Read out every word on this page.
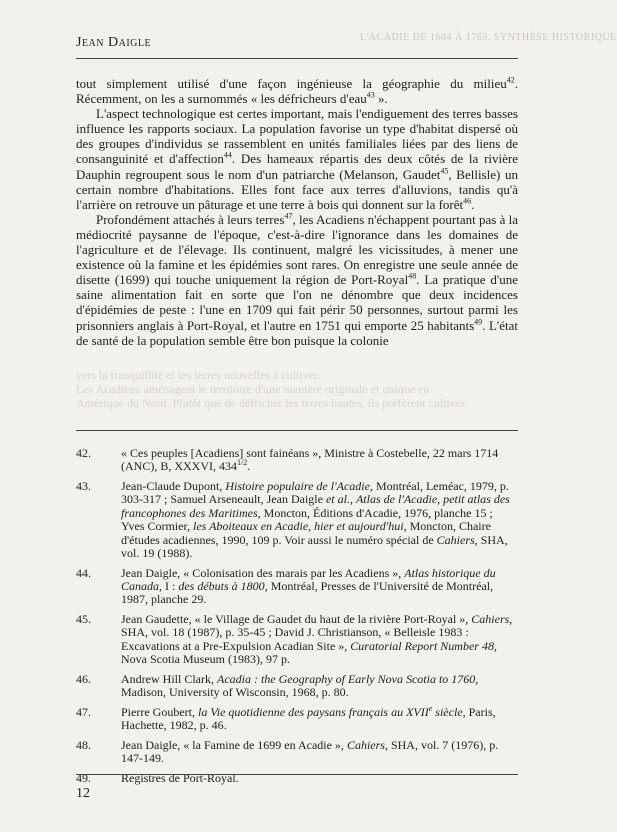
L'ACADIE DE 1604 À 1763. SYNTHÈSE HISTORIQUE
Jean Daigle

tout simplement utilisé d'une façon ingénieuse la géographie du milieu$^{42}$. Récemment, on les a surnommés « les défricheurs d'eau$^{43}$ ».

L'aspect technologique est certes important, mais l'endiguement des terres basses influence les rapports sociaux. La population favorise un type d'habitat dispersé où des groupes d'individus se rassemblent en unités familiales liées par des liens de consanguinité et d'affection$^{44}$. Des hameaux répartis des deux côtés de la rivière Dauphin regroupent sous le nom d'un patriarche (Melanson, Gaudet$^{45}$, Bellisle) un certain nombre d'habitations. Elles font face aux terres d'alluvions, tandis qu'à l'arrière on retrouve un pâturage et une terre à bois qui donnent sur la forêt$^{46}$.

Profondément attachés à leurs terres$^{47}$, les Acadiens n'échappent pourtant pas à la médiocrité paysanne de l'époque, c'est-à-dire l'ignorance dans les domaines de l'agriculture et de l'élevage. Ils continuent, malgré les vicissitudes, à mener une existence où la famine et les épidémies sont rares. On enregistre une seule année de disette (1699) qui touche uniquement la région de Port-Royal$^{48}$. La pratique d'une saine alimentation fait en sorte que l'on ne dénombre que deux incidences d'épidémies de peste : l'une en 1709 qui fait périr 50 personnes, surtout parmi les prisonniers anglais à Port-Royal, et l'autre en 1751 qui emporte 25 habitants$^{49}$. L'état de santé de la population semble être bon puisque la colonie

vers la tranquillité et les terres nouvelles à cultiver.
Les Acadiens aménagent le territoire d'une manière originale et unique en
Amérique du Nord. Plutôt que de défricher les terres hautes, ils préfèrent cultiver
42.	« Ces peuples [Acadiens] sont fainéans », Ministre à Costebelle, 22 mars 1714 (ANC), B, XXXVI, $434^{1/2}$.
43.	Jean-Claude Dupont, Histoire populaire de l'Acadie, Montréal, Leméac, 1979, p. 303-317 ; Samuel Arseneault, Jean Daigle et al., Atlas de l'Acadie, petit atlas des francophones des Maritimes, Moncton, Éditions d'Acadie, 1976, planche 15 ; Yves Cormier, les Aboiteaux en Acadie, hier et aujourd'hui, Moncton, Chaire d'études acadiennes, 1990, 109 p. Voir aussi le numéro spécial de Cahiers, SHA, vol. 19 (1988).
44.	Jean Daigle, « Colonisation des marais par les Acadiens », Atlas historique du Canada, I : des débuts à 1800, Montréal, Presses de l'Université de Montréal, 1987, planche 29.
45.	Jean Gaudette, « le Village de Gaudet du haut de la rivière Port-Royal », Cahiers, SHA, vol. 18 (1987), p. 35-45 ; David J. Christianson, « Belleisle 1983 : Excavations at a Pre-Expulsion Acadian Site », Curatorial Report Number 48, Nova Scotia Museum (1983), 97 p.
46.	Andrew Hill Clark, Acadia : the Geography of Early Nova Scotia to 1760, Madison, University of Wisconsin, 1968, p. 80.
47.	Pierre Goubert, la Vie quotidienne des paysans français au XVIIe siècle, Paris, Hachette, 1982, p. 46.
48.	Jean Daigle, « la Famine de 1699 en Acadie », Cahiers, SHA, vol. 7 (1976), p. 147-149.
49.	Registres de Port-Royal.
12
